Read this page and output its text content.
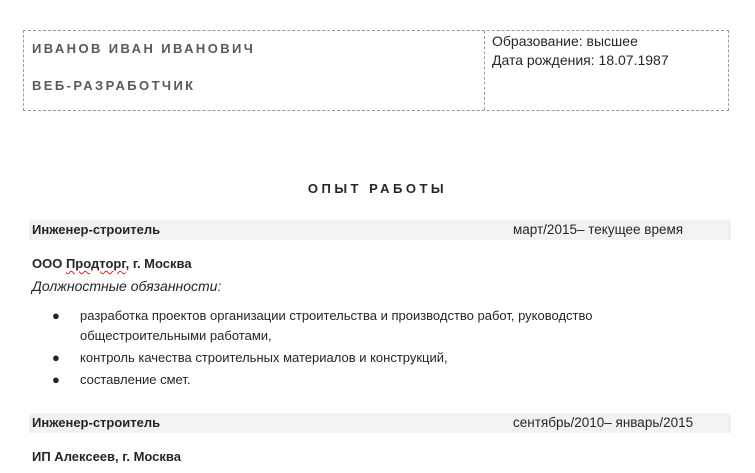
ИВАНОВ ИВАН ИВАНОВИЧ
ВЕБ-РАЗРАБОТЧИК
Образование: высшее
Дата рождения: 18.07.1987
ОПЫТ РАБОТЫ
Инженер-строитель	март/2015– текущее время
ООО Продторг, г. Москва
Должностные обязанности:
● разработка проектов организации строительства и производство работ, руководство общестроительными работами,
● контроль качества строительных материалов и конструкций,
● составление смет.
Инженер-строитель	сентябрь/2010– январь/2015
ИП Алексеев, г. Москва
